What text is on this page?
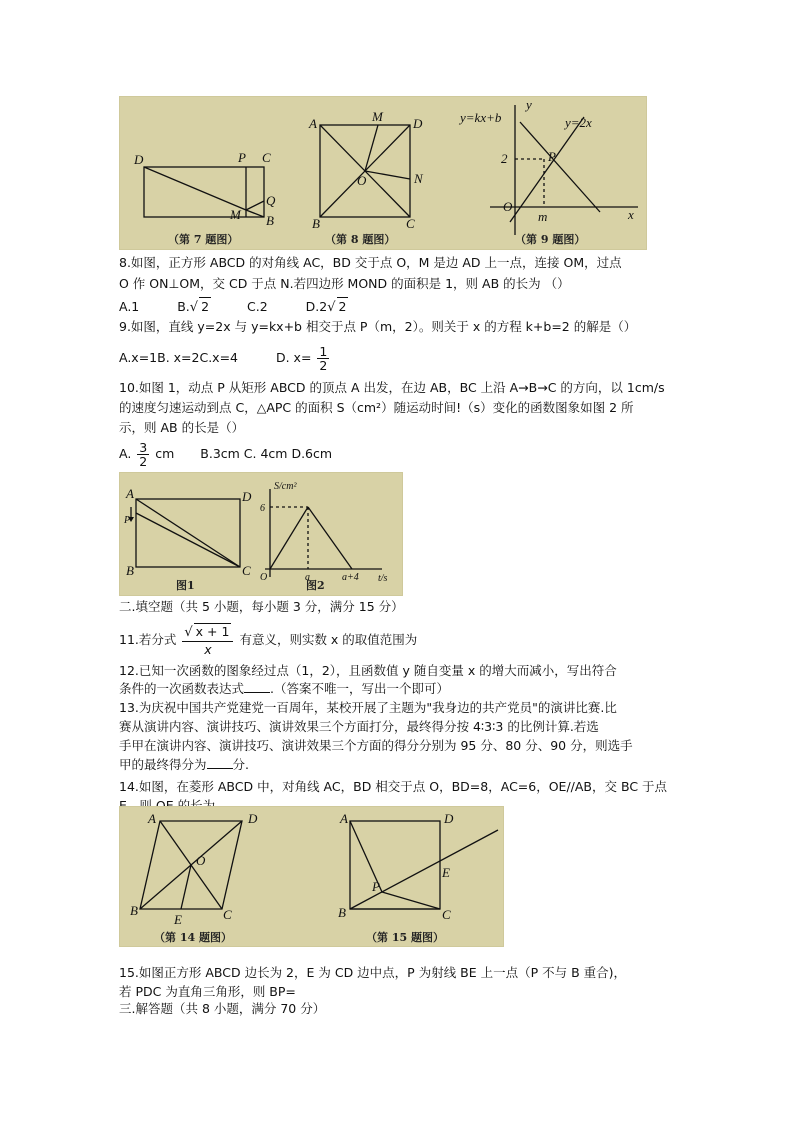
D	P C
M
Q
B
（第 7 题图）
A	M D
O	N
B	C
（第 8 题图）
y=kx+b	y=2x
y
2	P
O
m	x
（第 9 题图）
8.如图，正方形 ABCD 的对角线 AC，BD 交于点 O，M 是边 AD 上一点，连接 OM，过点
O 作 ON⊥OM，交 CD 于点 N.若四边形 MOND 的面积是 1，则 AB 的长为 （）
A.1	B.√ 2	C.2	D.2√ 2
9.如图，直线 y=2x 与 y=kx+b 相交于点 P（m，2）。则关于 x 的方程 k+b=2 的解是（）
A.x=1B. x=2C.x=4	D. $x= \frac{1}{2}$
10.如图 1，动点 P 从矩形 ABCD 的顶点 A 出发，在边 AB，BC 上沿 A→B→C 的方向，以 1cm/s
的速度匀速运动到点 C，△APC 的面积 S（cm²）随运动时间!（s）变化的函数图象如图 2 所
示，则 AB 的长是（）
A. $\frac{3}{2}$ cm B.3cm C. 4cm D.6cm
A
P
D
B	C
S/cm²
6
O	a	a+4 t/s
图1	图2
二.填空题（共 5 小题，每小题 3 分，满分 15 分）
11.若分式 $\frac{√ x + 1}{x}$ 有意义，则实数 x 的取值范围为
12.已知一次函数的图象经过点（1，2），且函数值 y 随自变量 x 的增大而减小，写出符合
条件的一次函数表达式 .（答案不唯一，写出一个即可）
13.为庆祝中国共产党建党一百周年，某校开展了主题为"我身边的共产党员"的演讲比赛.比
赛从演讲内容、演讲技巧、演讲效果三个方面打分，最终得分按 4∶3∶3 的比例计算.若选
手甲在演讲内容、演讲技巧、演讲效果三个方面的得分分别为 95 分、80 分、90 分，则选手
甲的最终得分为 分.
14.如图，在菱形 ABCD 中，对角线 AC，BD 相交于点 O，BD=8，AC=6，OE//AB，交 BC 于点
A	D
O
B
E	C
（第 14 题图）
A	D
E
P
B	C
（第 15 题图）
15.如图正方形 ABCD 边长为 2，E 为 CD 边中点，P 为射线 BE 上一点（P 不与 B 重合)，
若 PDC 为直角三角形，则 BP=
三.解答题（共 8 小题，满分 70 分）
